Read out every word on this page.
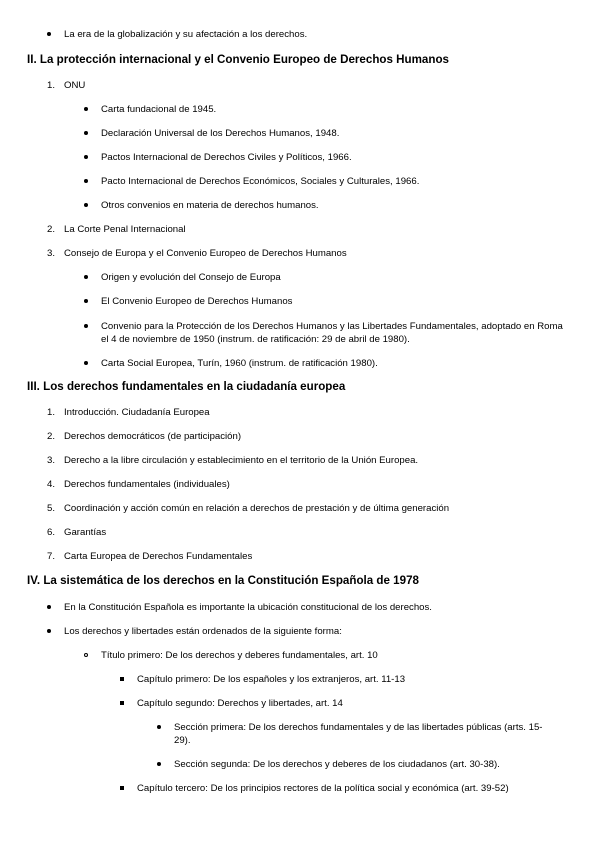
La era de la globalización y su afectación a los derechos.
II. La protección internacional y el Convenio Europeo de Derechos Humanos
1. ONU
Carta fundacional de 1945.
Declaración Universal de los Derechos Humanos, 1948.
Pactos Internacional de Derechos Civiles y Políticos, 1966.
Pacto Internacional de Derechos Económicos, Sociales y Culturales, 1966.
Otros convenios en materia de derechos humanos.
2. La Corte Penal Internacional
3. Consejo de Europa y el Convenio Europeo de Derechos Humanos
Origen y evolución del Consejo de Europa
El Convenio Europeo de Derechos Humanos
Convenio para la Protección de los Derechos Humanos y las Libertades Fundamentales, adoptado en Roma el 4 de noviembre de 1950 (instrum. de ratificación: 29 de abril de 1980).
Carta Social Europea, Turín, 1960 (instrum. de ratificación 1980).
III. Los derechos fundamentales en la ciudadanía europea
1. Introducción. Ciudadanía Europea
2. Derechos democráticos (de participación)
3. Derecho a la libre circulación y establecimiento en el territorio de la Unión Europea.
4. Derechos fundamentales (individuales)
5. Coordinación y acción común en relación a derechos de prestación y de última generación
6. Garantías
7. Carta Europea de Derechos Fundamentales
IV. La sistemática de los derechos en la Constitución Española de 1978
En la Constitución Española es importante la ubicación constitucional de los derechos.
Los derechos y libertades están ordenados de la siguiente forma:
Título primero: De los derechos y deberes fundamentales, art. 10
Capítulo primero: De los españoles y los extranjeros, art. 11-13
Capítulo segundo: Derechos y libertades, art. 14
Sección primera: De los derechos fundamentales y de las libertades públicas (arts. 15-29).
Sección segunda: De los derechos y deberes de los ciudadanos (art. 30-38).
Capítulo tercero: De los principios rectores de la política social y económica (art. 39-52)
